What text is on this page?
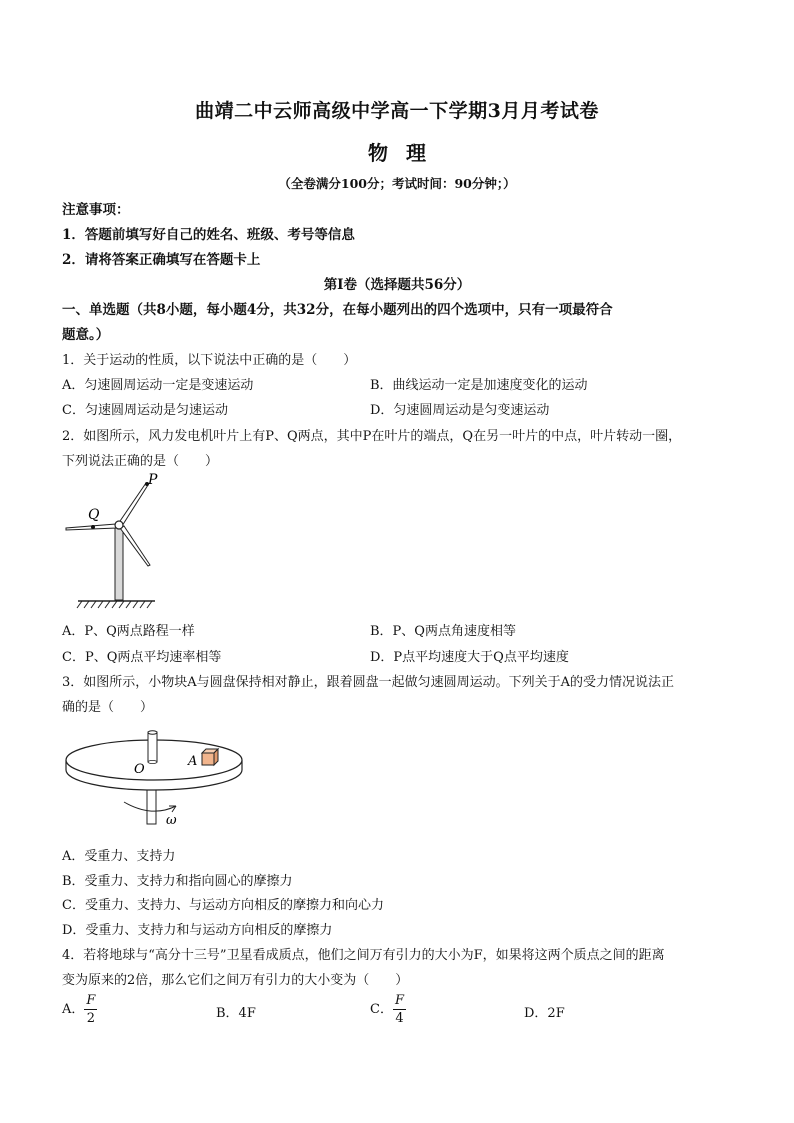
曲靖二中云师高级中学高一下学期3月月考试卷
物理
（全卷满分100分；考试时间：90分钟；）
注意事项：
1．答题前填写好自己的姓名、班级、考号等信息
2．请将答案正确填写在答题卡上
第Ⅰ卷（选择题共56分）
一、单选题（共8小题，每小题4分，共32分，在每小题列出的四个选项中，只有一项最符合
题意。）
1．关于运动的性质，以下说法中正确的是（　　）
A．匀速圆周运动一定是变速运动	B．曲线运动一定是加速度变化的运动
C．匀速圆周运动是匀速运动	D．匀速圆周运动是匀变速运动
2．如图所示，风力发电机叶片上有P、Q两点，其中P在叶片的端点，Q在另一叶片的中点，叶片转动一圈，
下列说法正确的是（　　）
P
Q
A．P、Q两点路程一样	B．P、Q两点角速度相等
C．P、Q两点平均速率相等	D．P点平均速度大于Q点平均速度
3．如图所示，小物块A与圆盘保持相对静止，跟着圆盘一起做匀速圆周运动。下列关于A的受力情况说法正
确的是（　　）
A
O
ω
A．受重力、支持力
B．受重力、支持力和指向圆心的摩擦力
C．受重力、支持力、与运动方向相反的摩擦力和向心力
D．受重力、支持力和与运动方向相反的摩擦力
4．若将地球与“高分十三号”卫星看成质点，他们之间万有引力的大小为F，如果将这两个质点之间的距离
变为原来的2倍，那么它们之间万有引力的大小变为（　　）
A． $\frac{F}{2}$	B．4F	C． $\frac{F}{4}$	D．2F
